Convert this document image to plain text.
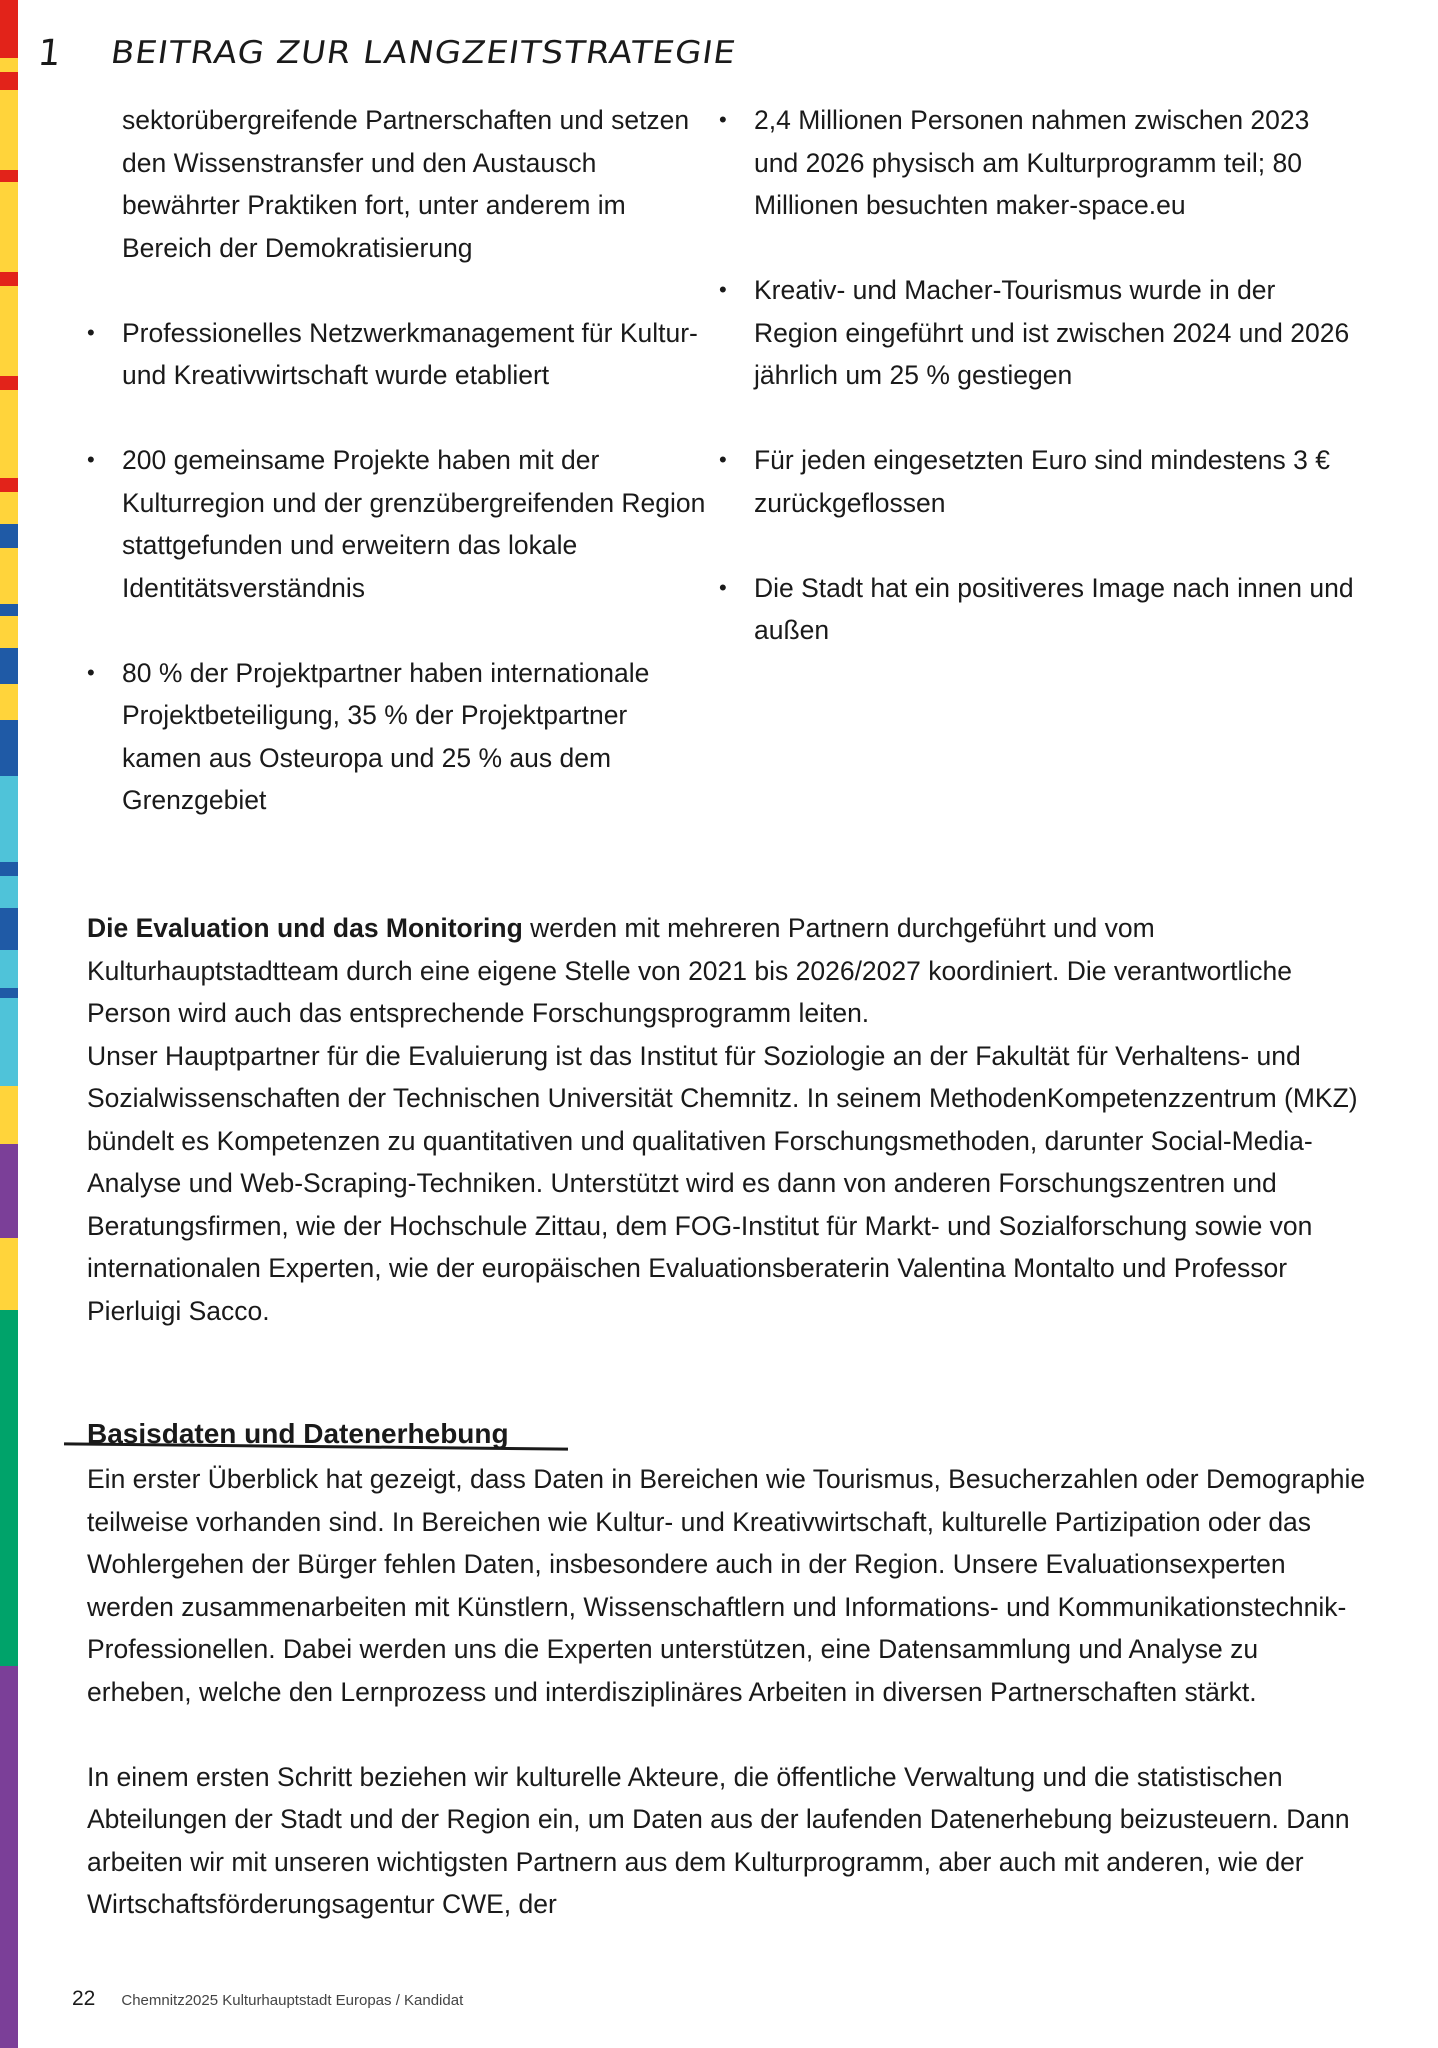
1 BEITRAG ZUR LANGZEITSTRATEGIE

sektorübergreifende Partnerschaften und setzen den Wissenstransfer und den Austausch bewährter Praktiken fort, unter anderem im Bereich der Demokratisierung

• Professionelles Netzwerkmanagement für Kultur- und Kreativwirtschaft wurde etabliert
• 200 gemeinsame Projekte haben mit der Kulturregion und der grenzübergreifenden Region stattgefunden und erweitern das lokale Identitätsverständnis
• 80 % der Projektpartner haben internationale Projektbeteiligung, 35 % der Projektpartner kamen aus Osteuropa und 25 % aus dem Grenzgebiet
• 2,4 Millionen Personen nahmen zwischen 2023 und 2026 physisch am Kulturprogramm teil; 80 Millionen besuchten maker-space.eu
• Kreativ- und Macher-Tourismus wurde in der Region eingeführt und ist zwischen 2024 und 2026 jährlich um 25 % gestiegen
• Für jeden eingesetzten Euro sind mindestens 3 € zurückgeflossen
• Die Stadt hat ein positiveres Image nach innen und außen

Die Evaluation und das Monitoring werden mit mehreren Partnern durchgeführt und vom Kulturhauptstadtteam durch eine eigene Stelle von 2021 bis 2026/2027 koordiniert. Die verantwortliche Person wird auch das entsprechende Forschungsprogramm leiten.

Unser Hauptpartner für die Evaluierung ist das Institut für Soziologie an der Fakultät für Verhaltens- und Sozialwissenschaften der Technischen Universität Chemnitz. In seinem MethodenKompetenzzentrum (MKZ) bündelt es Kompetenzen zu quantitativen und qualitativen Forschungsmethoden, darunter Social-Media-Analyse und Web-Scraping-Techniken. Unterstützt wird es dann von anderen Forschungszentren und Beratungsfirmen, wie der Hochschule Zittau, dem FOG-Institut für Markt- und Sozialforschung sowie von internationalen Experten, wie der europäischen Evaluationsberaterin Valentina Montalto und Professor Pierluigi Sacco.

Basisdaten und Datenerhebung

Ein erster Überblick hat gezeigt, dass Daten in Bereichen wie Tourismus, Besucherzahlen oder Demographie teilweise vorhanden sind. In Bereichen wie Kultur- und Kreativwirtschaft, kulturelle Partizipation oder das Wohlergehen der Bürger fehlen Daten, insbesondere auch in der Region. Unsere Evaluationsexperten werden zusammenarbeiten mit Künstlern, Wissenschaftlern und Informations- und Kommunikationstechnik-Professionellen. Dabei werden uns die Experten unterstützen, eine Datensammlung und Analyse zu erheben, welche den Lernprozess und interdisziplinäres Arbeiten in diversen Partnerschaften stärkt.

In einem ersten Schritt beziehen wir kulturelle Akteure, die öffentliche Verwaltung und die statistischen Abteilungen der Stadt und der Region ein, um Daten aus der laufenden Datenerhebung beizusteuern. Dann arbeiten wir mit unseren wichtigsten Partnern aus dem Kulturprogramm, aber auch mit anderen, wie der Wirtschaftsförderungsagentur CWE, der

22 Chemnitz2025 Kulturhauptstadt Europas / Kandidat
